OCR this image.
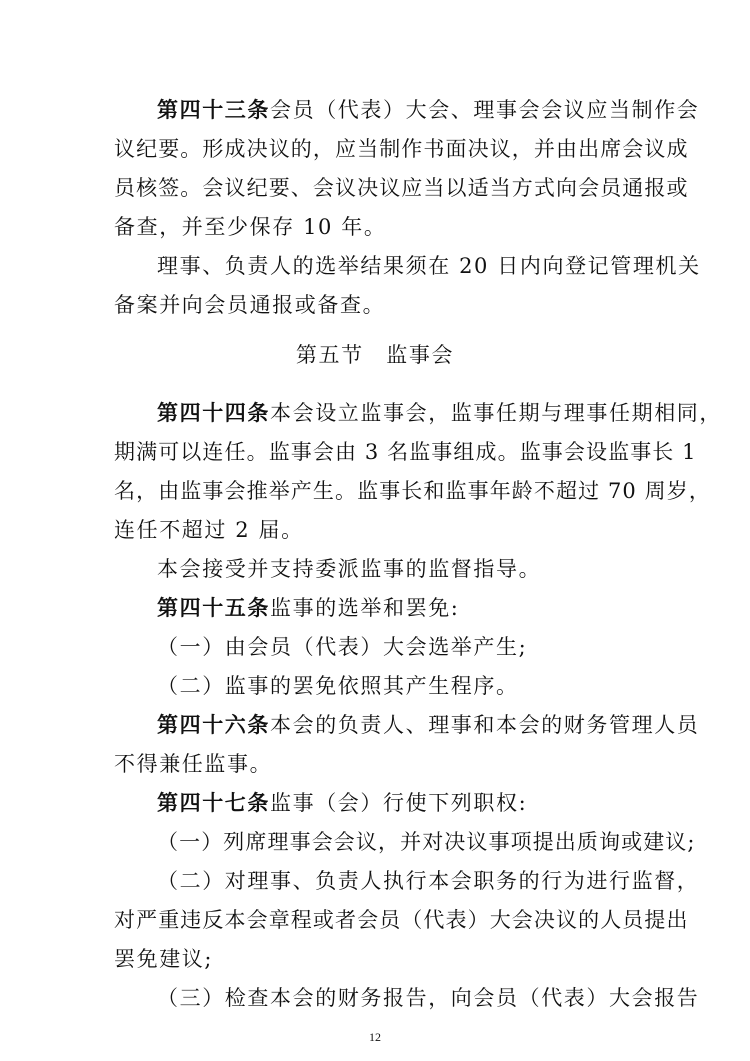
第四十三条会员（代表）大会、理事会会议应当制作会
议纪要。形成决议的，应当制作书面决议，并由出席会议成
员核签。会议纪要、会议决议应当以适当方式向会员通报或
备查，并至少保存 10 年。
理事、负责人的选举结果须在 20 日内向登记管理机关
备案并向会员通报或备查。
第五节　监事会
第四十四条本会设立监事会，监事任期与理事任期相同，
期满可以连任。监事会由 3 名监事组成。监事会设监事长 1
名，由监事会推举产生。监事长和监事年龄不超过 70 周岁，
连任不超过 2 届。
本会接受并支持委派监事的监督指导。
第四十五条监事的选举和罢免:
（一）由会员（代表）大会选举产生;
（二）监事的罢免依照其产生程序。
第四十六条本会的负责人、理事和本会的财务管理人员
不得兼任监事。
第四十七条监事（会）行使下列职权:
（一）列席理事会会议，并对决议事项提出质询或建议;
（二）对理事、负责人执行本会职务的行为进行监督，
对严重违反本会章程或者会员（代表）大会决议的人员提出
罢免建议;
（三）检查本会的财务报告，向会员（代表）大会报告
12
